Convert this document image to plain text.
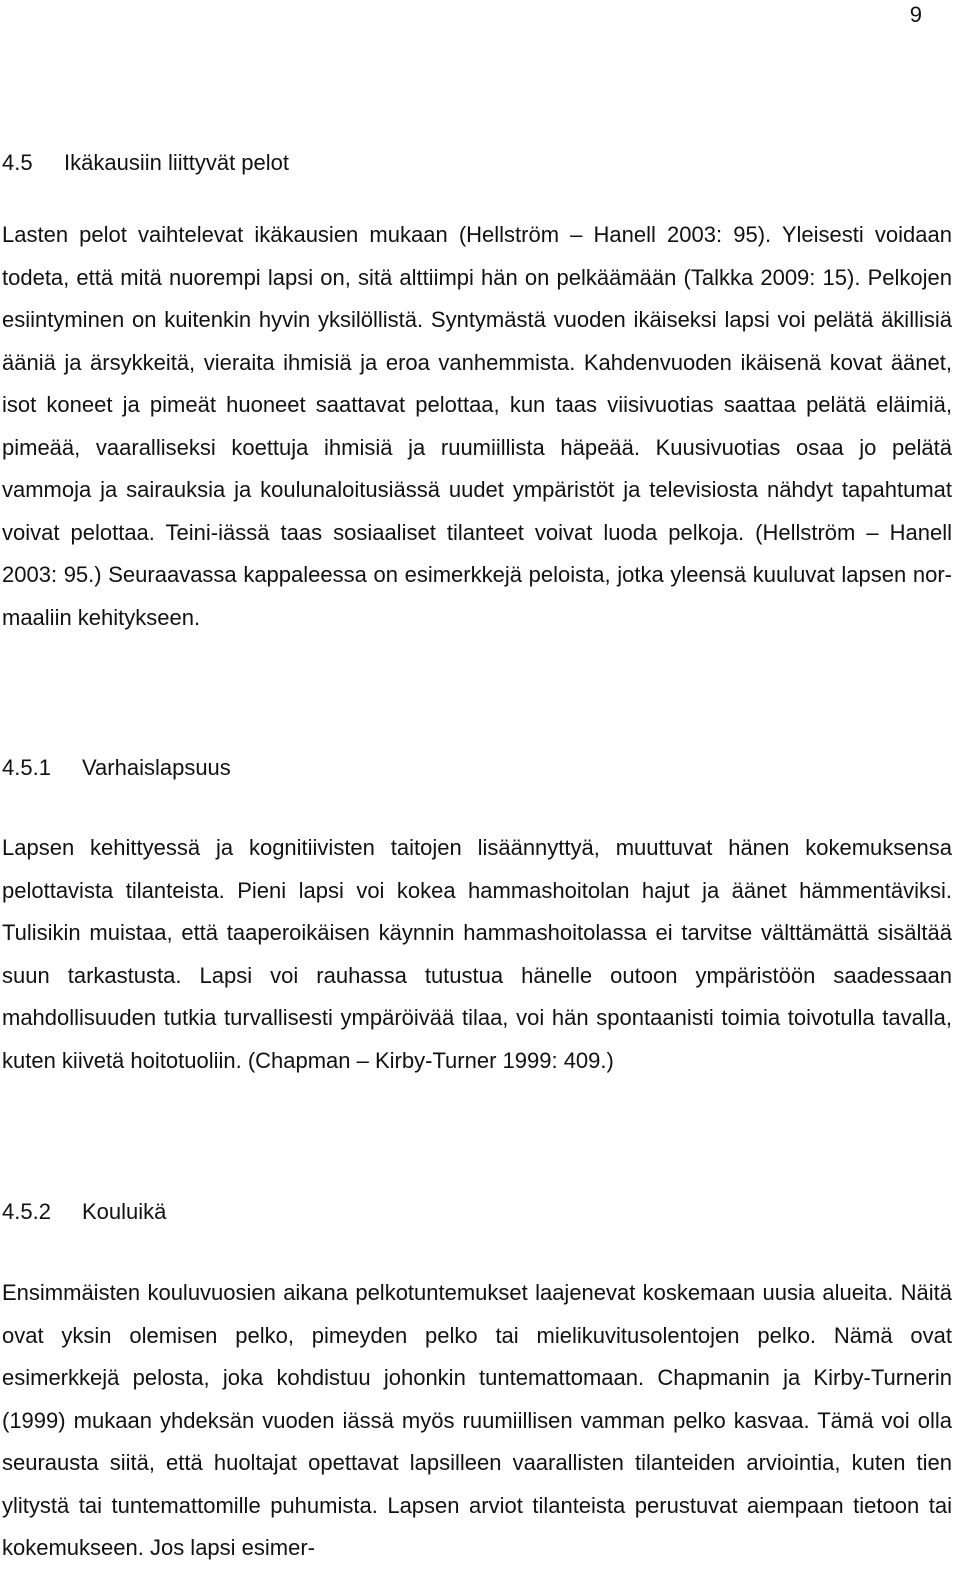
9
4.5 Ikäkausiin liittyvät pelot

Lasten pelot vaihtelevat ikäkausien mukaan (Hellström – Hanell 2003: 95). Yleisesti voidaan todeta, että mitä nuorempi lapsi on, sitä alttiimpi hän on pelkäämään (Talkka 2009: 15). Pelkojen esiintyminen on kuitenkin hyvin yksilöllistä. Syntymästä vuoden ikäiseksi lapsi voi pelätä äkillisiä ääniä ja ärsykkeitä, vieraita ihmisiä ja eroa vanhemmista. Kahdenvuoden ikäisenä kovat äänet, isot koneet ja pimeät huoneet saattavat pelottaa, kun taas viisivuotias saattaa pelätä eläimiä, pimeää, vaaralliseksi koettuja ihmisiä ja ruumiillista häpeää. Kuusivuotias osaa jo pelätä vammoja ja sairauksia ja koulunaloitusiässä uudet ympäristöt ja televisiosta nähdyt tapahtumat voivat pelottaa. Teini-iässä taas sosiaaliset tilanteet voivat luoda pelkoja. (Hellström – Hanell 2003: 95.) Seuraavassa kappaleessa on esimerkkejä peloista, jotka yleensä kuuluvat lapsen normaaliin kehitykseen.

4.5.1 Varhaislapsuus

Lapsen kehittyessä ja kognitiivisten taitojen lisäännyttyä, muuttuvat hänen kokemuksensa pelottavista tilanteista. Pieni lapsi voi kokea hammashoitolan hajut ja äänet hämmentäviksi. Tulisikin muistaa, että taaperoikäisen käynnin hammashoitolassa ei tarvitse välttämättä sisältää suun tarkastusta. Lapsi voi rauhassa tutustua hänelle outoon ympäristöön saadessaan mahdollisuuden tutkia turvallisesti ympäröivää tilaa, voi hän spontaanisti toimia toivotulla tavalla, kuten kiivetä hoitotuoliin. (Chapman – Kirby-Turner 1999: 409.)

4.5.2 Kouluikä

Ensimmäisten kouluvuosien aikana pelkotuntemukset laajenevat koskemaan uusia alueita. Näitä ovat yksin olemisen pelko, pimeyden pelko tai mielikuvitusolentojen pelko. Nämä ovat esimerkkejä pelosta, joka kohdistuu johonkin tuntemattomaan. Chapmanin ja Kirby-Turnerin (1999) mukaan yhdeksän vuoden iässä myös ruumiillisen vamman pelko kasvaa. Tämä voi olla seurausta siitä, että huoltajat opettavat lapsilleen vaarallisten tilanteiden arviointia, kuten tien ylitystä tai tuntemattomille puhumista. Lapsen arviot tilanteista perustuvat aiempaan tietoon tai kokemukseen. Jos lapsi esimer-
